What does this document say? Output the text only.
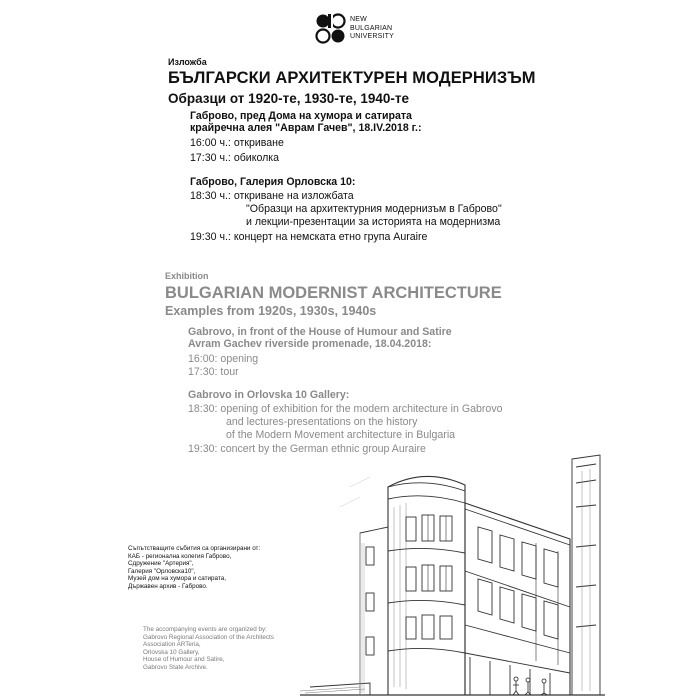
NEW
BULGARIAN
UNIVERSITY
Изложба
БЪЛГАРСКИ АРХИТЕКТУРЕН МОДЕРНИЗЪМ
Образци от 1920-те, 1930-те, 1940-те
Габрово, пред Дома на хумора и сатирата
крайречна алея "Аврам Гачев", 18.IV.2018 г.:
16:00 ч.: откриване
17:30 ч.: обиколка
Габрово, Галерия Орловска 10:
18:30 ч.: откриване на изложбата
"Образци на архитектурния модернизъм в Габрово"
и лекции-презентации за историята на модернизма
19:30 ч.: концерт на немската етно група Auraire
Exhibition
BULGARIAN MODERNIST ARCHITECTURE
Examples from 1920s, 1930s, 1940s
Gabrovo, in front of the House of Humour and Satire
Avram Gachev riverside promenade, 18.04.2018:
16:00: opening
17:30: tour
Gabrovo in Orlovska 10 Gallery:
18:30: opening of exhibition for the modern architecture in Gabrovo
and lectures-presentations on the history
of the Modern Movement architecture in Bulgaria
19:30: concert by the German ethnic group Auraire
Съпътстващите събития са организирани от:
КАБ - регионална колегия Габрово,
Сдружение "Артерия",
Галерия "Орловска10",
Музей дом на хумора и сатирата,
Държавен архив - Габрово.
The accompanying events are organized by:
Gabrovo Regional Association of the Architects
Association ARTeria,
Orlovska 10 Gallery,
House of Humour and Satire,
Gabrovo State Archive.
